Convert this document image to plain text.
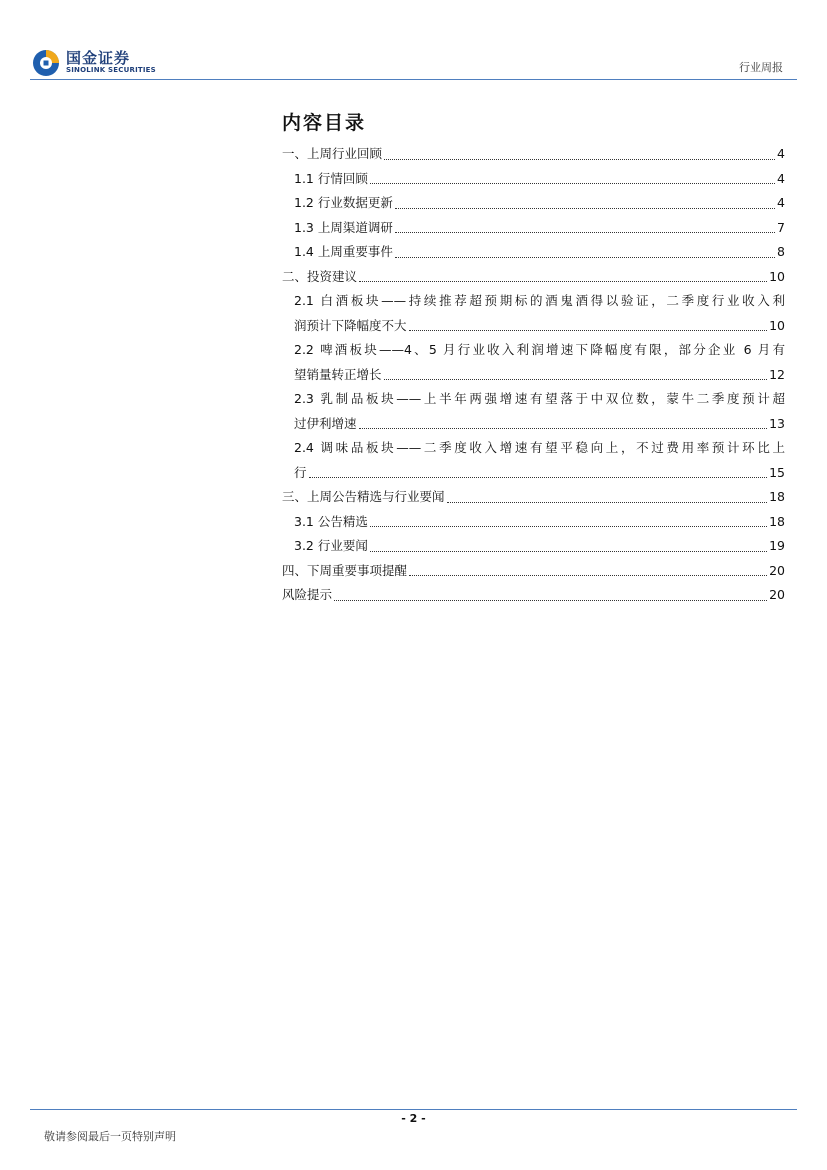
国金证券
SINOLINK SECURITIES	行业周报
内容目录
一、上周行业回顾	4
1.1 行情回顾	4
1.2 行业数据更新	4
1.3 上周渠道调研	7
1.4 上周重要事件	8
二、投资建议	10
2.1 白酒板块——持续推荐超预期标的酒鬼酒得以验证，二季度行业收入利
润预计下降幅度不大	10
2.2 啤酒板块——4、5 月行业收入利润增速下降幅度有限，部分企业 6 月有
望销量转正增长	12
2.3 乳制品板块——上半年两强增速有望落于中双位数，蒙牛二季度预计超
过伊利增速	13
2.4 调味品板块——二季度收入增速有望平稳向上，不过费用率预计环比上
行	15
三、上周公告精选与行业要闻	18
3.1 公告精选	18
3.2 行业要闻	19
四、下周重要事项提醒	20
风险提示	20
- 2 -
敬请参阅最后一页特别声明
